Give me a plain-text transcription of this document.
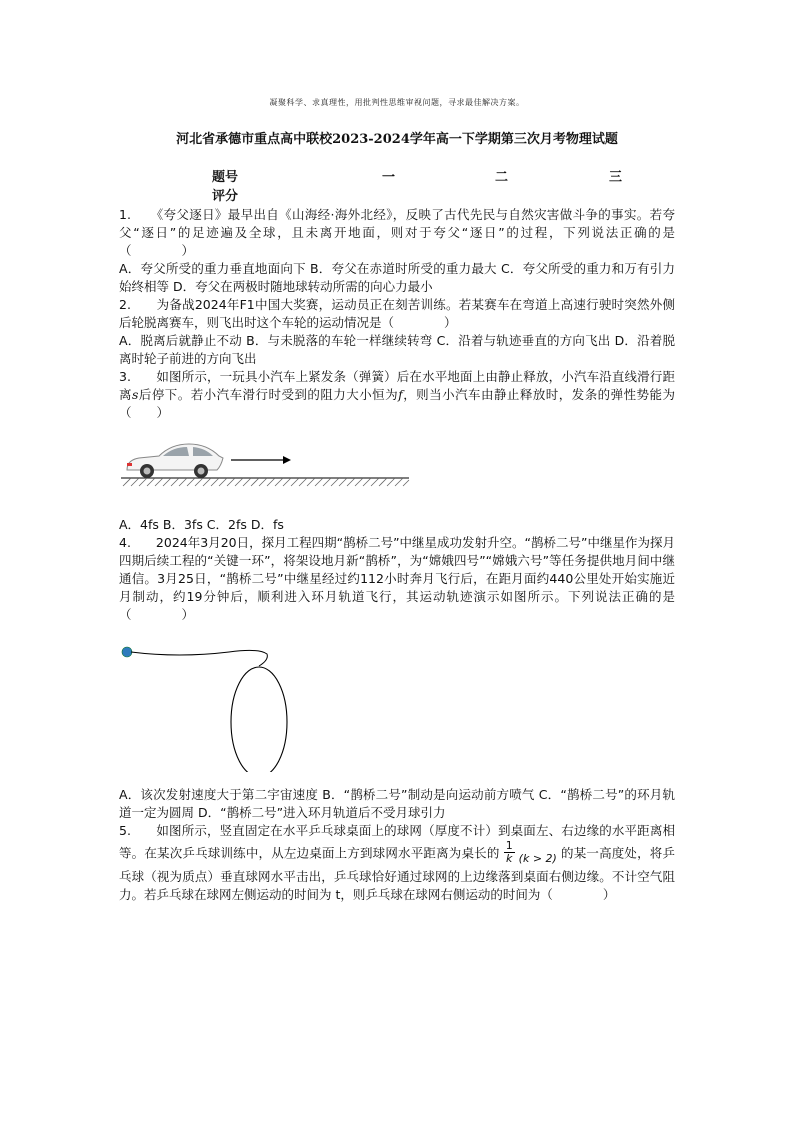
凝聚科学、求真理性，用批判性思维审视问题，寻求最佳解决方案。
河北省承德市重点高中联校2023-2024学年高一下学期第三次月考物理试题
题号	一	二	三
评分

1.　　《夸父逐日》最早出自《山海经·海外北经》，反映了古代先民与自然灾害做斗争的事实。若夸父“逐日”的足迹遍及全球，且未离开地面，则对于夸父“逐日”的过程，下列说法正确的是（　　　　）

A．夸父所受的重力垂直地面向下 B．夸父在赤道时所受的重力最大 C．夸父所受的重力和万有引力始终相等 D．夸父在两极时随地球转动所需的向心力最小

2.　　为备战2024年F1中国大奖赛，运动员正在刻苦训练。若某赛车在弯道上高速行驶时突然外侧后轮脱离赛车，则飞出时这个车轮的运动情况是（　　　　）

A．脱离后就静止不动 B．与未脱落的车轮一样继续转弯 C．沿着与轨迹垂直的方向飞出 D．沿着脱离时轮子前进的方向飞出

3.　　如图所示，一玩具小汽车上紧发条（弹簧）后在水平地面上由静止释放，小汽车沿直线滑行距离s后停下。若小汽车滑行时受到的阻力大小恒为f，则当小汽车由静止释放时，发条的弹性势能为（　　）

A．4fs B．3fs C．2fs D．fs

4.　　2024年3月20日，探月工程四期“鹊桥二号”中继星成功发射升空。“鹊桥二号”中继星作为探月四期后续工程的“关键一环”，将架设地月新“鹊桥”，为“嫦娥四号”“嫦娥六号”等任务提供地月间中继通信。3月25日，“鹊桥二号”中继星经过约112小时奔月飞行后，在距月面约440公里处开始实施近月制动，约19分钟后，顺利进入环月轨道飞行，其运动轨迹演示如图所示。下列说法正确的是（　　　　）

A．该次发射速度大于第二宇宙速度 B．“鹊桥二号”制动是向运动前方喷气 C．“鹊桥二号”的环月轨道一定为圆周 D．“鹊桥二号”进入环月轨道后不受月球引力

5.　　如图所示，竖直固定在水平乒乓球桌面上的球网（厚度不计）到桌面左、右边缘的水平距离相等。在某次乒乓球训练中，从左边桌面上方到球网水平距离为桌长的 $\frac{1}{k} (k > 2)$ 的某一高度处，将乒乓球（视为质点）垂直球网水平击出，乒乓球恰好通过球网的上边缘落到桌面右侧边缘。不计空气阻力。若乒乓球在球网左侧运动的时间为 t，则乒乓球在球网右侧运动的时间为（　　　　）
